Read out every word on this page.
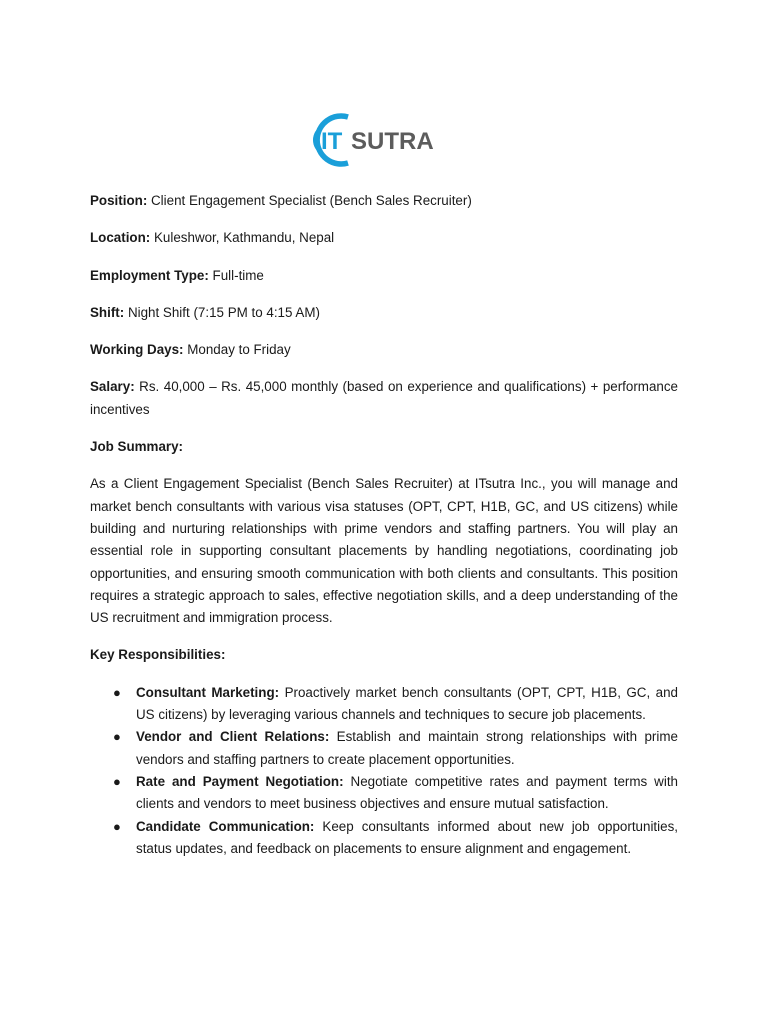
IT SUTRA
Position: Client Engagement Specialist (Bench Sales Recruiter)
Location: Kuleshwor, Kathmandu, Nepal
Employment Type: Full-time
Shift: Night Shift (7:15 PM to 4:15 AM)
Working Days: Monday to Friday
Salary: Rs. 40,000 – Rs. 45,000 monthly (based on experience and qualifications) + performance incentives
Job Summary:
As a Client Engagement Specialist (Bench Sales Recruiter) at ITsutra Inc., you will manage and market bench consultants with various visa statuses (OPT, CPT, H1B, GC, and US citizens) while building and nurturing relationships with prime vendors and staffing partners. You will play an essential role in supporting consultant placements by handling negotiations, coordinating job opportunities, and ensuring smooth communication with both clients and consultants. This position requires a strategic approach to sales, effective negotiation skills, and a deep understanding of the US recruitment and immigration process.
Key Responsibilities:
● Consultant Marketing: Proactively market bench consultants (OPT, CPT, H1B, GC, and US citizens) by leveraging various channels and techniques to secure job placements.
● Vendor and Client Relations: Establish and maintain strong relationships with prime vendors and staffing partners to create placement opportunities.
● Rate and Payment Negotiation: Negotiate competitive rates and payment terms with clients and vendors to meet business objectives and ensure mutual satisfaction.
● Candidate Communication: Keep consultants informed about new job opportunities, status updates, and feedback on placements to ensure alignment and engagement.
